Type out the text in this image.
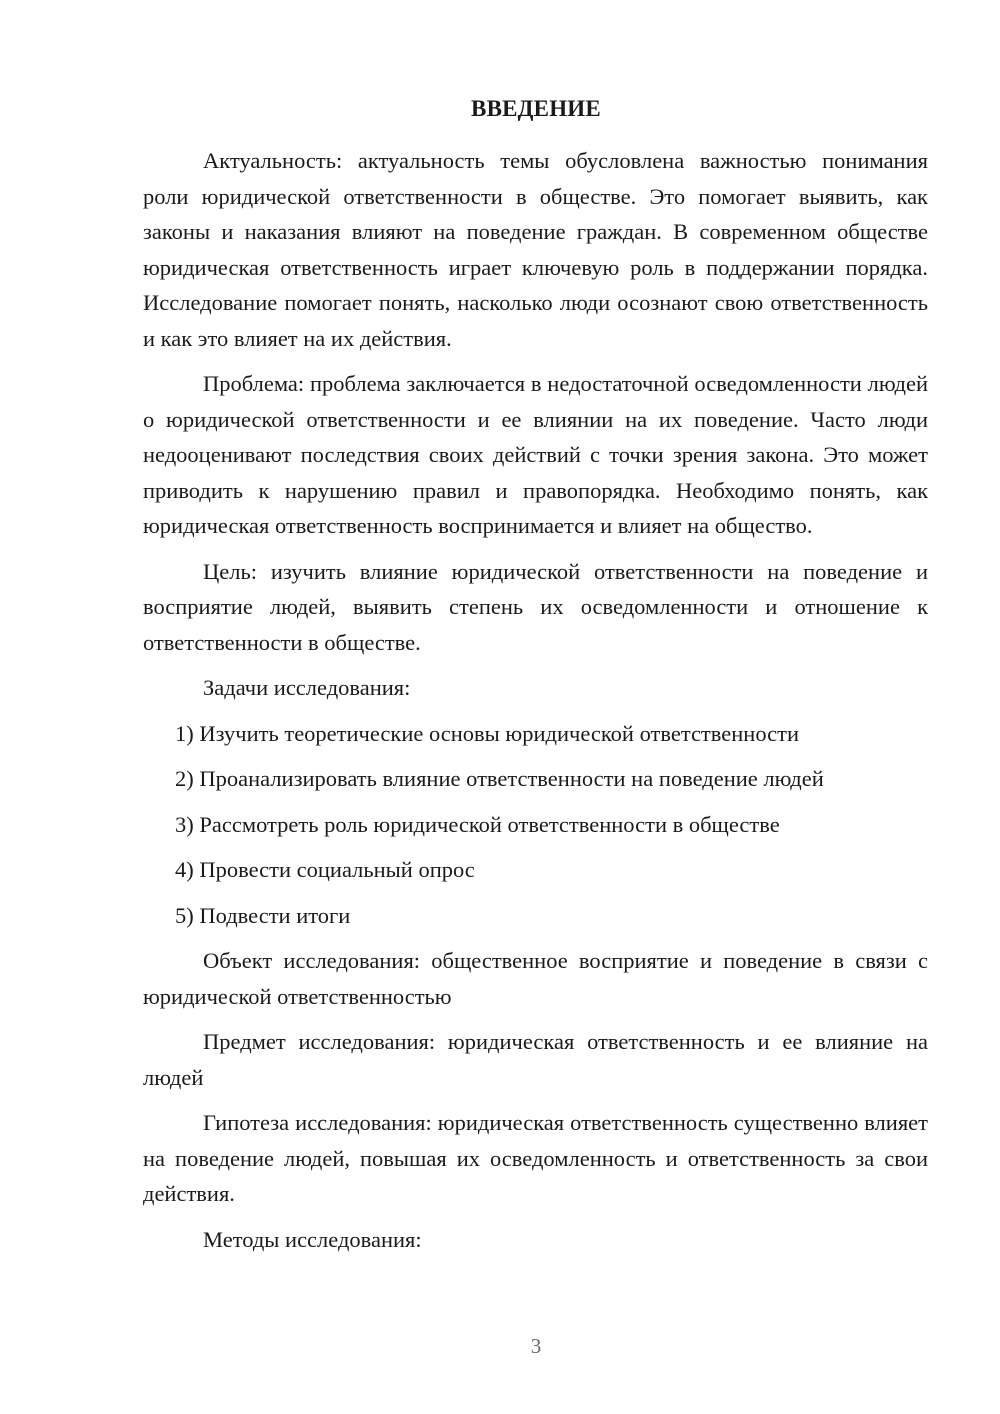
ВВЕДЕНИЕ

Актуальность: актуальность темы обусловлена важностью понимания роли юридической ответственности в обществе. Это помогает выявить, как законы и наказания влияют на поведение граждан. В современном обществе юридическая ответственность играет ключевую роль в поддержании порядка. Исследование помогает понять, насколько люди осознают свою ответственность и как это влияет на их действия.

Проблема: проблема заключается в недостаточной осведомленности людей о юридической ответственности и ее влиянии на их поведение. Часто люди недооценивают последствия своих действий с точки зрения закона. Это может приводить к нарушению правил и правопорядка. Необходимо понять, как юридическая ответственность воспринимается и влияет на общество.

Цель: изучить влияние юридической ответственности на поведение и восприятие людей, выявить степень их осведомленности и отношение к ответственности в обществе.

Задачи исследования:

1) Изучить теоретические основы юридической ответственности
2) Проанализировать влияние ответственности на поведение людей
3) Рассмотреть роль юридической ответственности в обществе
4) Провести социальный опрос
5) Подвести итоги

Объект исследования: общественное восприятие и поведение в связи с юридической ответственностью

Предмет исследования: юридическая ответственность и ее влияние на людей

Гипотеза исследования: юридическая ответственность существенно влияет на поведение людей, повышая их осведомленность и ответственность за свои действия.

Методы исследования:

3
